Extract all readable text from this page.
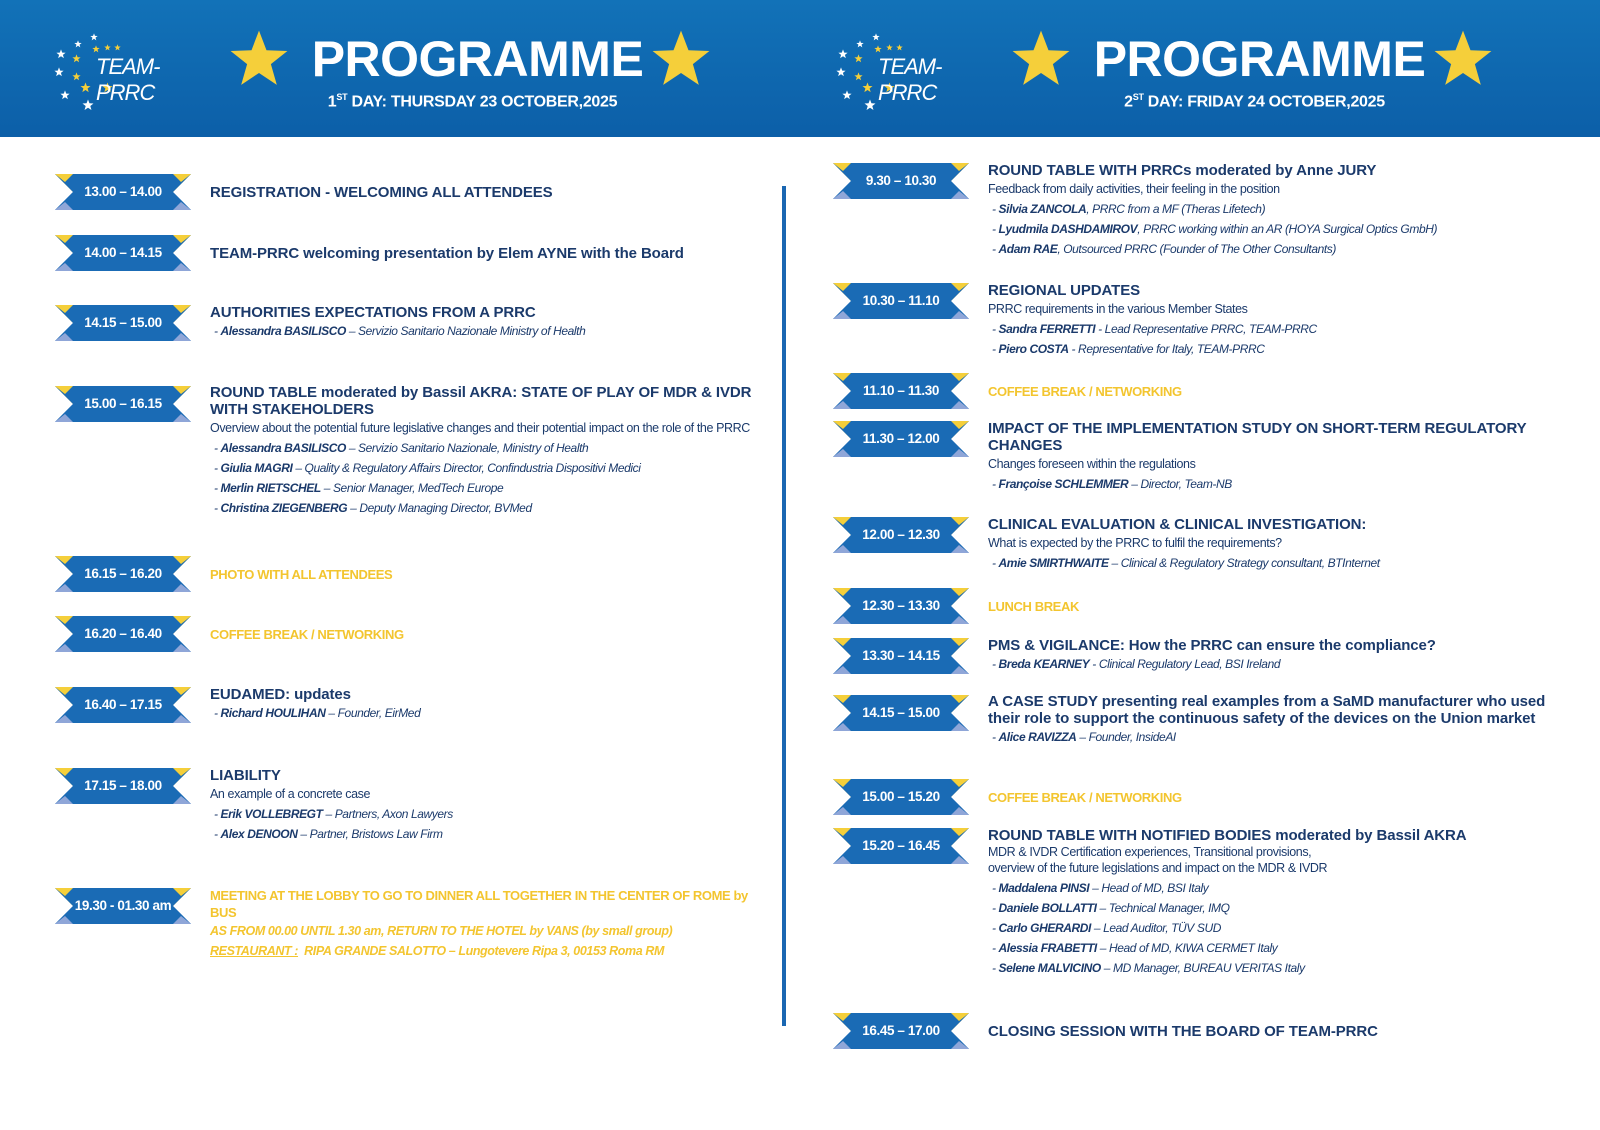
TEAM-PRRC
PROGRAMME
1ST DAY: THURSDAY 23 OCTOBER,2025
TEAM-PRRC
PROGRAMME
2ST DAY: FRIDAY 24 OCTOBER,2025
13.00 – 14.00	REGISTRATION - WELCOMING ALL ATTENDEES
14.00 – 14.15	TEAM-PRRC welcoming presentation by Elem AYNE with the Board
14.15 – 15.00
AUTHORITIES EXPECTATIONS FROM A PRRC
- Alessandra BASILISCO – Servizio Sanitario Nazionale Ministry of Health
15.00 – 16.15
ROUND TABLE moderated by Bassil AKRA: STATE OF PLAY OF MDR & IVDR WITH STAKEHOLDERS
Overview about the potential future legislative changes and their potential impact on the role of the PRRC
- Alessandra BASILISCO – Servizio Sanitario Nazionale, Ministry of Health
- Giulia MAGRI – Quality & Regulatory Affairs Director, Confindustria Dispositivi Medici
- Merlin RIETSCHEL – Senior Manager, MedTech Europe
- Christina ZIEGENBERG – Deputy Managing Director, BVMed
16.15 – 16.20	PHOTO WITH ALL ATTENDEES
16.20 – 16.40	COFFEE BREAK / NETWORKING
16.40 – 17.15
EUDAMED: updates
- Richard HOULIHAN – Founder, EirMed
17.15 – 18.00
LIABILITY
An example of a concrete case
- Erik VOLLEBREGT – Partners, Axon Lawyers
- Alex DENOON – Partner, Bristows Law Firm
19.30 - 01.30 am
MEETING AT THE LOBBY TO GO TO DINNER ALL TOGETHER IN THE CENTER OF ROME by BUS
AS FROM 00.00 UNTIL 1.30 am, RETURN TO THE HOTEL by VANS (by small group)
RESTAURANT :  RIPA GRANDE SALOTTO – Lungotevere Ripa 3, 00153 Roma RM
9.30 – 10.30
ROUND TABLE WITH PRRCs moderated by Anne JURY
Feedback from daily activities, their feeling in the position
- Silvia ZANCOLA, PRRC from a MF (Theras Lifetech)
- Lyudmila DASHDAMIROV, PRRC working within an AR (HOYA Surgical Optics GmbH)
- Adam RAE, Outsourced PRRC (Founder of The Other Consultants)
10.30 – 11.10
REGIONAL UPDATES
PRRC requirements in the various Member States
- Sandra FERRETTI - Lead Representative PRRC, TEAM-PRRC
- Piero COSTA - Representative for Italy, TEAM-PRRC
11.10 – 11.30	COFFEE BREAK / NETWORKING
11.30 – 12.00
IMPACT OF THE IMPLEMENTATION STUDY ON SHORT-TERM REGULATORY CHANGES
Changes foreseen within the regulations
- Françoise SCHLEMMER – Director, Team-NB
12.00 – 12.30
CLINICAL EVALUATION & CLINICAL INVESTIGATION:
What is expected by the PRRC to fulfil the requirements?
- Amie SMIRTHWAITE – Clinical & Regulatory Strategy consultant, BTInternet
12.30 – 13.30	LUNCH BREAK
13.30 – 14.15
PMS & VIGILANCE: How the PRRC can ensure the compliance?
- Breda KEARNEY - Clinical Regulatory Lead, BSI Ireland
14.15 – 15.00
A CASE STUDY presenting real examples from a SaMD manufacturer who used their role to support the continuous safety of the devices on the Union market
- Alice RAVIZZA – Founder, InsideAI
15.00 – 15.20	COFFEE BREAK / NETWORKING
15.20 – 16.45
ROUND TABLE WITH NOTIFIED BODIES moderated by Bassil AKRA
MDR & IVDR Certification experiences, Transitional provisions,
overview of the future legislations and impact on the MDR & IVDR
- Maddalena PINSI – Head of MD, BSI Italy
- Daniele BOLLATTI – Technical Manager, IMQ
- Carlo GHERARDI – Lead Auditor, TÜV SUD
- Alessia FRABETTI – Head of MD, KIWA CERMET Italy
- Selene MALVICINO – MD Manager, BUREAU VERITAS Italy
16.45 – 17.00	CLOSING SESSION WITH THE BOARD OF TEAM-PRRC
